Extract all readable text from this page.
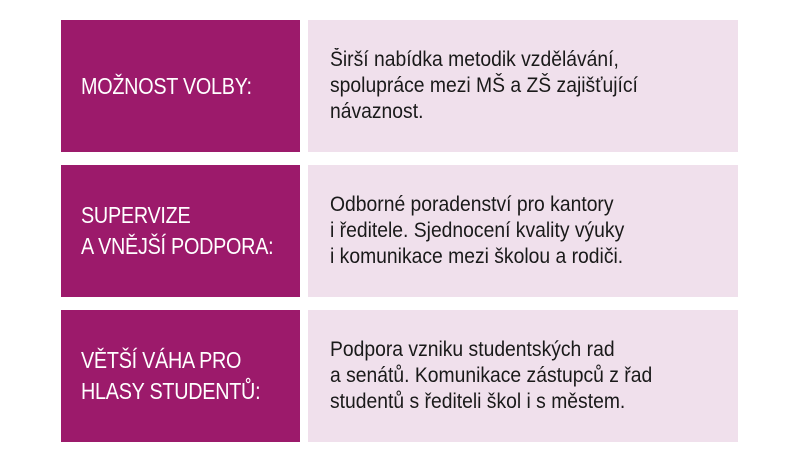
MOŽNOST VOLBY:
Širší nabídka metodik vzdělávání,
spolupráce mezi MŠ a ZŠ zajišťující
návaznost.
SUPERVIZE
A VNĚJŠÍ PODPORA:
Odborné poradenství pro kantory
i ředitele. Sjednocení kvality výuky
i komunikace mezi školou a rodiči.
VĚTŠÍ VÁHA PRO
HLASY STUDENTŮ:
Podpora vzniku studentských rad
a senátů. Komunikace zástupců z řad
studentů s řediteli škol i s městem.
